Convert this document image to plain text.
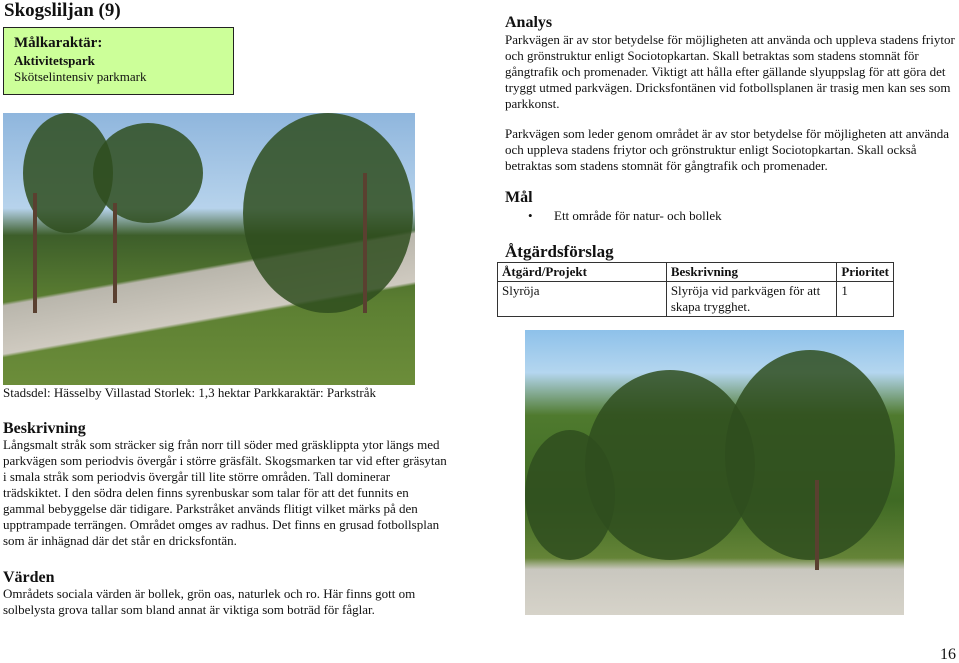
Skogsliljan (9)
Målkaraktär:
Aktivitetspark
Skötselintensiv parkmark
Stadsdel: Hässelby Villastad Storlek: 1,3 hektar Parkkaraktär: Parkstråk
Beskrivning
Långsmalt stråk som sträcker sig från norr till söder med gräsklippta ytor längs med parkvägen som periodvis övergår i större gräsfält. Skogsmarken tar vid efter gräsytan i smala stråk som periodvis övergår till lite större områden. Tall dominerar trädskiktet. I den södra delen finns syrenbuskar som talar för att det funnits en gammal bebyggelse där tidigare. Parkstråket används flitigt vilket märks på den upptrampade terrängen. Området omges av radhus. Det finns en grusad fotbollsplan som är inhägnad där det står en dricksfontän.
Värden
Områdets sociala värden är bollek, grön oas, naturlek och ro. Här finns gott om solbelysta grova tallar som bland annat är viktiga som boträd för fåglar.
Analys
Parkvägen är av stor betydelse för möjligheten att använda och uppleva stadens friytor och grönstruktur enligt Sociotopkartan. Skall betraktas som stadens stomnät för gångtrafik och promenader. Viktigt att hålla efter gällande slyuppslag för att göra det tryggt utmed parkvägen. Dricksfontänen vid fotbollsplanen är trasig men kan ses som parkkonst.
Parkvägen som leder genom området är av stor betydelse för möjligheten att använda och uppleva stadens friytor och grönstruktur enligt Sociotopkartan. Skall också betraktas som stadens stomnät för gångtrafik och promenader.
Mål
• Ett område för natur- och bollek
Åtgärdsförslag
Åtgärd/Projekt	Beskrivning	Prioritet
Slyröja	Slyröja vid parkvägen för att skapa trygghet.	1
16
